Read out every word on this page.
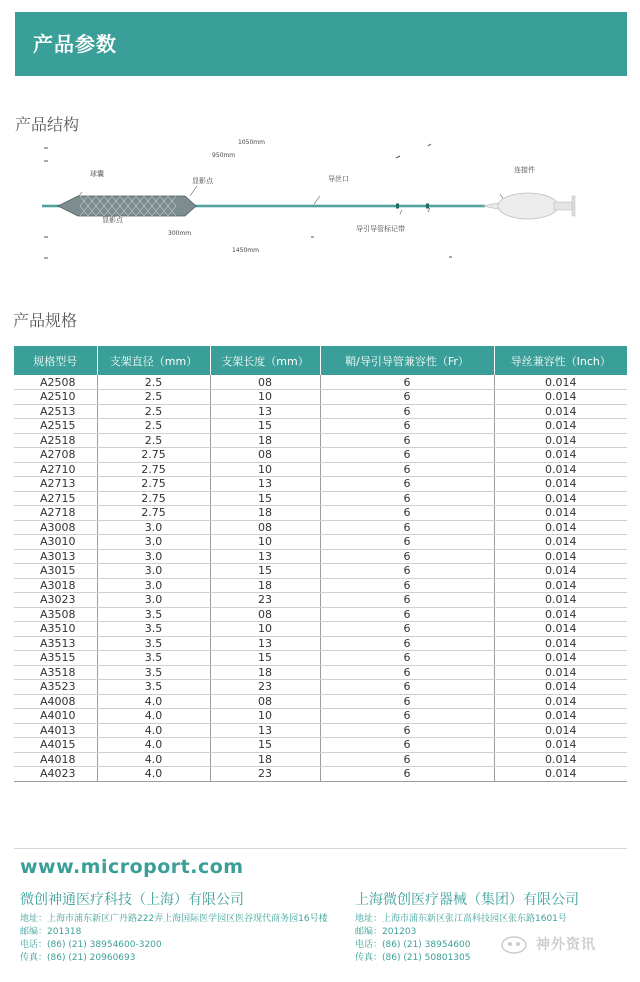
产品参数
产品结构
1050mm
950mm
300mm
1450mm
球囊
显影点
显影点
导丝口
导引导管标记带
连接件
产品规格
规格型号	支架直径（mm）	支架长度（mm）	鞘/导引导管兼容性（Fr）	导丝兼容性（Inch）
A2508	2.5	08	6	0.014
A2510	2.5	10	6	0.014
A2513	2.5	13	6	0.014
A2515	2.5	15	6	0.014
A2518	2.5	18	6	0.014
A2708	2.75	08	6	0.014
A2710	2.75	10	6	0.014
A2713	2.75	13	6	0.014
A2715	2.75	15	6	0.014
A2718	2.75	18	6	0.014
A3008	3.0	08	6	0.014
A3010	3.0	10	6	0.014
A3013	3.0	13	6	0.014
A3015	3.0	15	6	0.014
A3018	3.0	18	6	0.014
A3023	3.0	23	6	0.014
A3508	3.5	08	6	0.014
A3510	3.5	10	6	0.014
A3513	3.5	13	6	0.014
A3515	3.5	15	6	0.014
A3518	3.5	18	6	0.014
A3523	3.5	23	6	0.014
A4008	4.0	08	6	0.014
A4010	4.0	10	6	0.014
A4013	4.0	13	6	0.014
A4015	4.0	15	6	0.014
A4018	4.0	18	6	0.014
A4023	4.0	23	6	0.014
www.microport.com
微创神通医疗科技（上海）有限公司	上海微创医疗器械（集团）有限公司
地址：上海市浦东新区广丹路222弄上海国际医学园区医谷现代商务园16号楼
邮编：201318
电话：(86) (21) 38954600-3200
传真：(86) (21) 20960693
地址：上海市浦东新区张江高科技园区张东路1601号
邮编：201203
电话：(86) (21) 38954600
传真：(86) (21) 50801305
神外资讯
